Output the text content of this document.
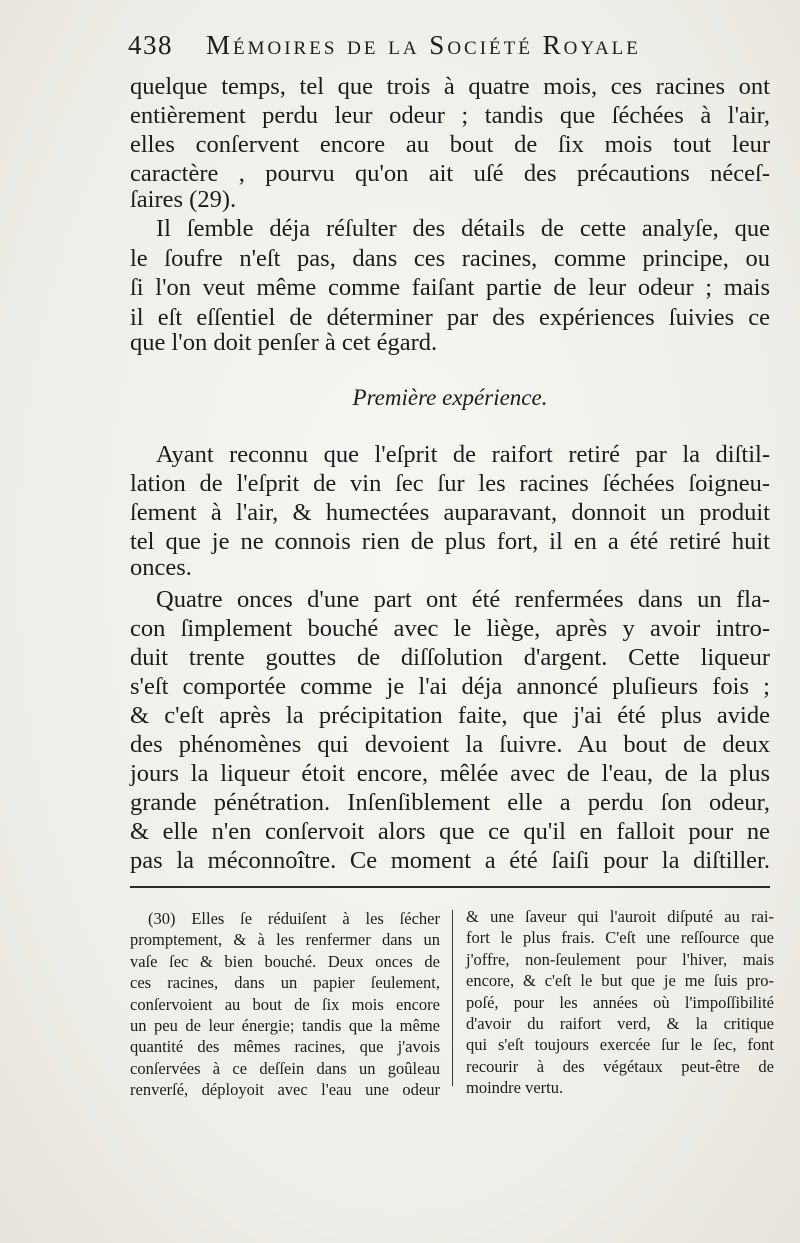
438 Mémoires de la Société Royale
quelque temps, tel que trois à quatre mois, ces racines ont
entièrement perdu leur odeur ; tandis que ſéchées à l'air,
elles conſervent encore au bout de ſix mois tout leur
caractère , pourvu qu'on ait uſé des précautions néceſ-
ſaires (29).
Il ſemble déja réſulter des détails de cette analyſe, que
le ſoufre n'eſt pas, dans ces racines, comme principe, ou
ſi l'on veut même comme faiſant partie de leur odeur ; mais
il eſt eſſentiel de déterminer par des expériences ſuivies ce
que l'on doit penſer à cet égard.
Première expérience.
Ayant reconnu que l'eſprit de raifort retiré par la diſtil-
lation de l'eſprit de vin ſec ſur les racines ſéchées ſoigneu-
ſement à l'air, & humectées auparavant, donnoit un produit
tel que je ne connois rien de plus fort, il en a été retiré huit
onces.
Quatre onces d'une part ont été renfermées dans un fla-
con ſimplement bouché avec le liège, après y avoir intro-
duit trente gouttes de diſſolution d'argent. Cette liqueur
s'eſt comportée comme je l'ai déja annoncé pluſieurs fois ;
& c'eſt après la précipitation faite, que j'ai été plus avide
des phénomènes qui devoient la ſuivre. Au bout de deux
jours la liqueur étoit encore, mêlée avec de l'eau, de la plus
grande pénétration. Inſenſiblement elle a perdu ſon odeur,
& elle n'en conſervoit alors que ce qu'il en falloit pour ne
pas la méconnoître. Ce moment a été ſaiſi pour la diſtiller.
(30) Elles ſe réduiſent à les ſécher
promptement, & à les renfermer dans un
vaſe ſec & bien bouché. Deux onces de
ces racines, dans un papier ſeulement,
conſervoient au bout de ſix mois encore
un peu de leur énergie; tandis que la même
quantité des mêmes racines, que j'avois
conſervées à ce deſſein dans un goûleau
renverſé, déployoit avec l'eau une odeur
& une ſaveur qui l'auroit diſputé au rai-
fort le plus frais. C'eſt une reſſource que
j'offre, non-ſeulement pour l'hiver, mais
encore, & c'eſt le but que je me ſuis pro-
poſé, pour les années où l'impoſſibilité
d'avoir du raifort verd, & la critique
qui s'eſt toujours exercée ſur le ſec, font
recourir à des végétaux peut-être de
moindre vertu.
